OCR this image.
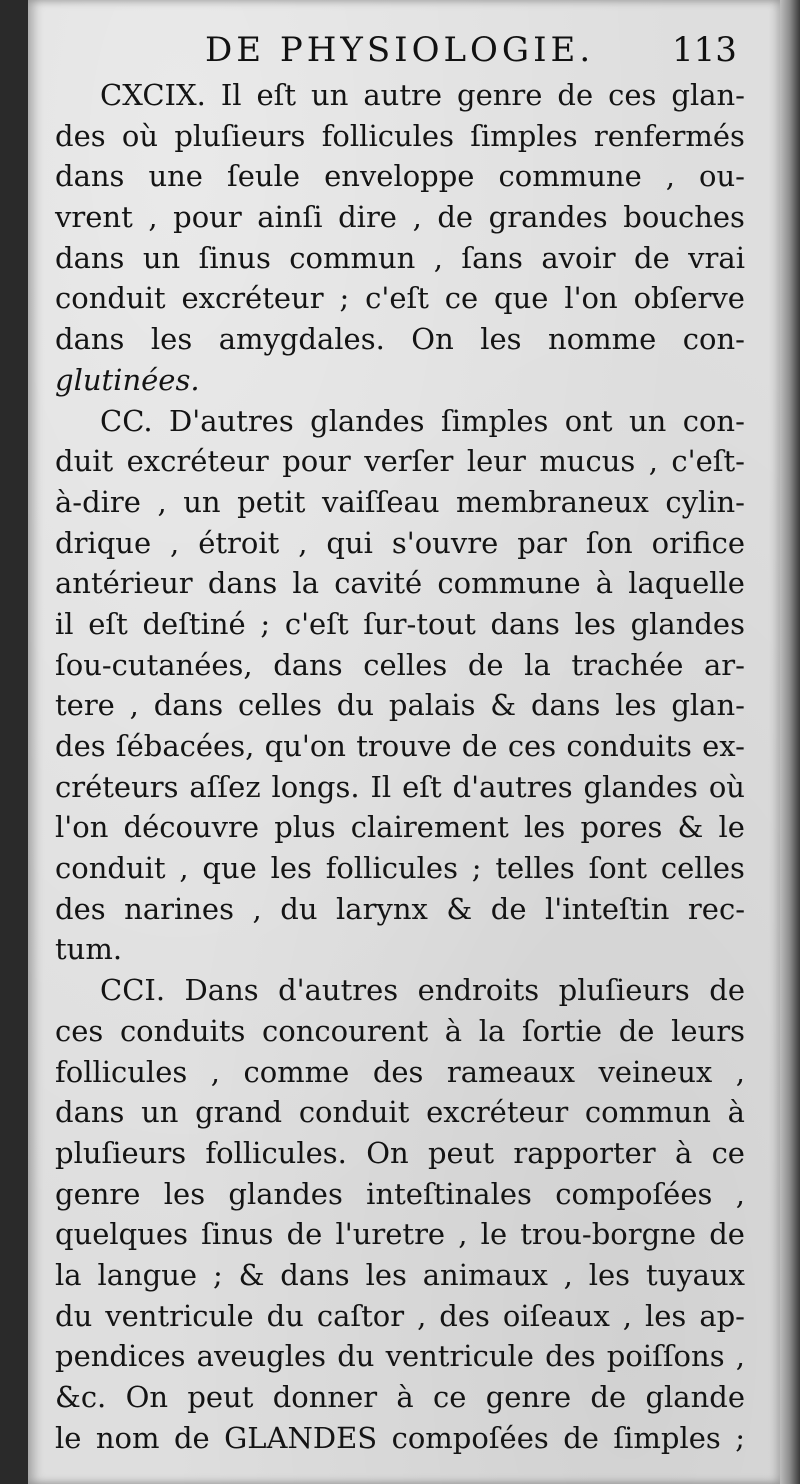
DE PHYSIOLOGIE. 113
CXCIX. Il eſt un autre genre de ces glan-
des où pluſieurs follicules ſimples renfermés
dans une ſeule enveloppe commune , ou-
vrent , pour ainſi dire , de grandes bouches
dans un ſinus commun , ſans avoir de vrai
conduit excréteur ; c'eſt ce que l'on obſerve
dans les amygdales. On les nomme con-
glutinées.
CC. D'autres glandes ſimples ont un con-
duit excréteur pour verſer leur mucus , c'eſt-
à-dire , un petit vaiſſeau membraneux cylin-
drique , étroit , qui s'ouvre par ſon orifice
antérieur dans la cavité commune à laquelle
il eſt deſtiné ; c'eſt ſur-tout dans les glandes
ſou-cutanées, dans celles de la trachée ar-
tere , dans celles du palais & dans les glan-
des ſébacées, qu'on trouve de ces conduits ex-
créteurs aſſez longs. Il eſt d'autres glandes où
l'on découvre plus clairement les pores & le
conduit , que les follicules ; telles ſont celles
des narines , du larynx & de l'inteſtin rec-
tum.
CCI. Dans d'autres endroits pluſieurs de
ces conduits concourent à la ſortie de leurs
follicules , comme des rameaux veineux ,
dans un grand conduit excréteur commun à
pluſieurs follicules. On peut rapporter à ce
genre les glandes inteſtinales compoſées ,
quelques ſinus de l'uretre , le trou-borgne de
la langue ; & dans les animaux , les tuyaux
du ventricule du caſtor , des oiſeaux , les ap-
pendices aveugles du ventricule des poiſſons ,
&c. On peut donner à ce genre de glande
le nom de GLANDES compoſées de ſimples ;
